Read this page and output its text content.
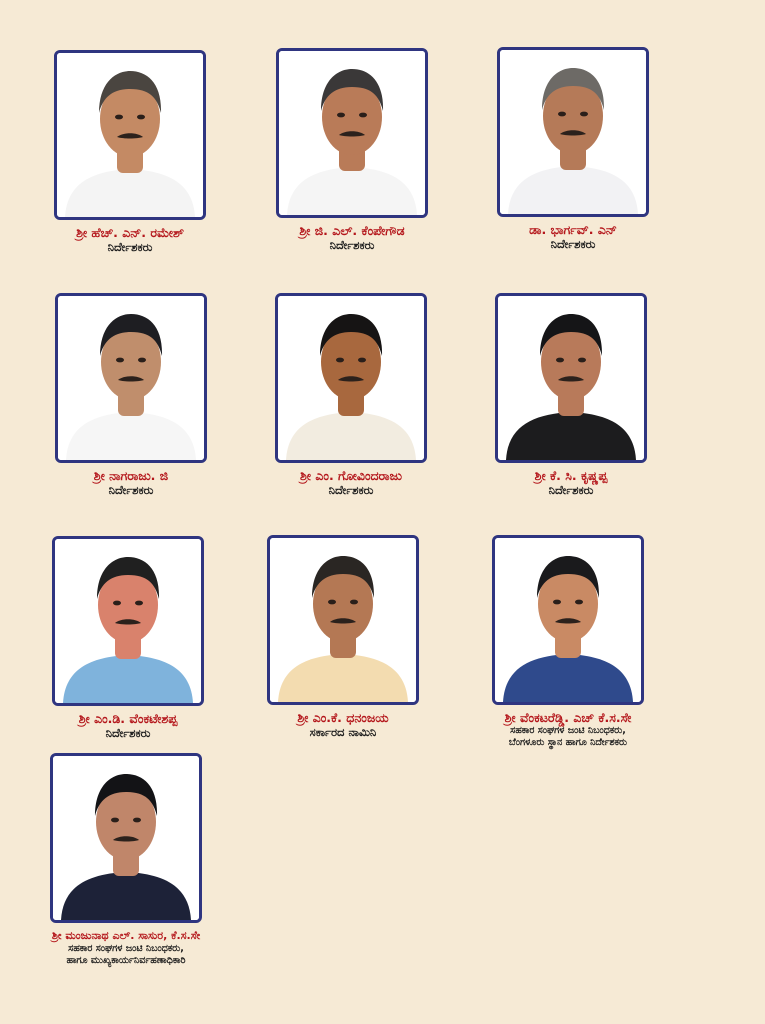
ಶ್ರೀ ಹೆಚ್. ಎನ್. ರಮೇಶ್
ನಿರ್ದೇಶಕರು
ಶ್ರೀ ಜಿ. ಎಲ್. ಕೆಂಪೇಗೌಡ
ನಿರ್ದೇಶಕರು
ಡಾ. ಭಾರ್ಗವ್. ಎನ್
ನಿರ್ದೇಶಕರು
ಶ್ರೀ ನಾಗರಾಜು. ಜಿ
ನಿರ್ದೇಶಕರು
ಶ್ರೀ ಎಂ. ಗೋವಿಂದರಾಜು
ನಿರ್ದೇಶಕರು
ಶ್ರೀ ಕೆ. ಸಿ. ಕೃಷ್ಣಪ್ಪ
ನಿರ್ದೇಶಕರು
ಶ್ರೀ ಎಂ.ಡಿ. ವೆಂಕಟೇಶಪ್ಪ
ನಿರ್ದೇಶಕರು
ಶ್ರೀ ಎಂ.ಕೆ. ಧನಂಜಯ
ಸರ್ಕಾರದ ನಾಮಿನಿ
ಶ್ರೀ ವೆಂಕಟರೆಡ್ಡಿ. ಎಚ್ ಕೆ.ಸ.ಸೇ
ಸಹಕಾರ ಸಂಘಗಳ ಜಂಟಿ ನಿಬಂಧಕರು,
ಬೆಂಗಳೂರು ಸ್ಥಾನ ಹಾಗೂ ನಿರ್ದೇಶಕರು
ಶ್ರೀ ಮಂಜುನಾಥ ಎಲ್. ಸಾಸುರ, ಕೆ.ಸ.ಸೇ
ಸಹಕಾರ ಸಂಘಗಳ ಜಂಟಿ ನಿಬಂಧಕರು,
ಹಾಗೂ ಮುಖ್ಯಕಾರ್ಯನಿರ್ವಹಣಾಧಿಕಾರಿ
